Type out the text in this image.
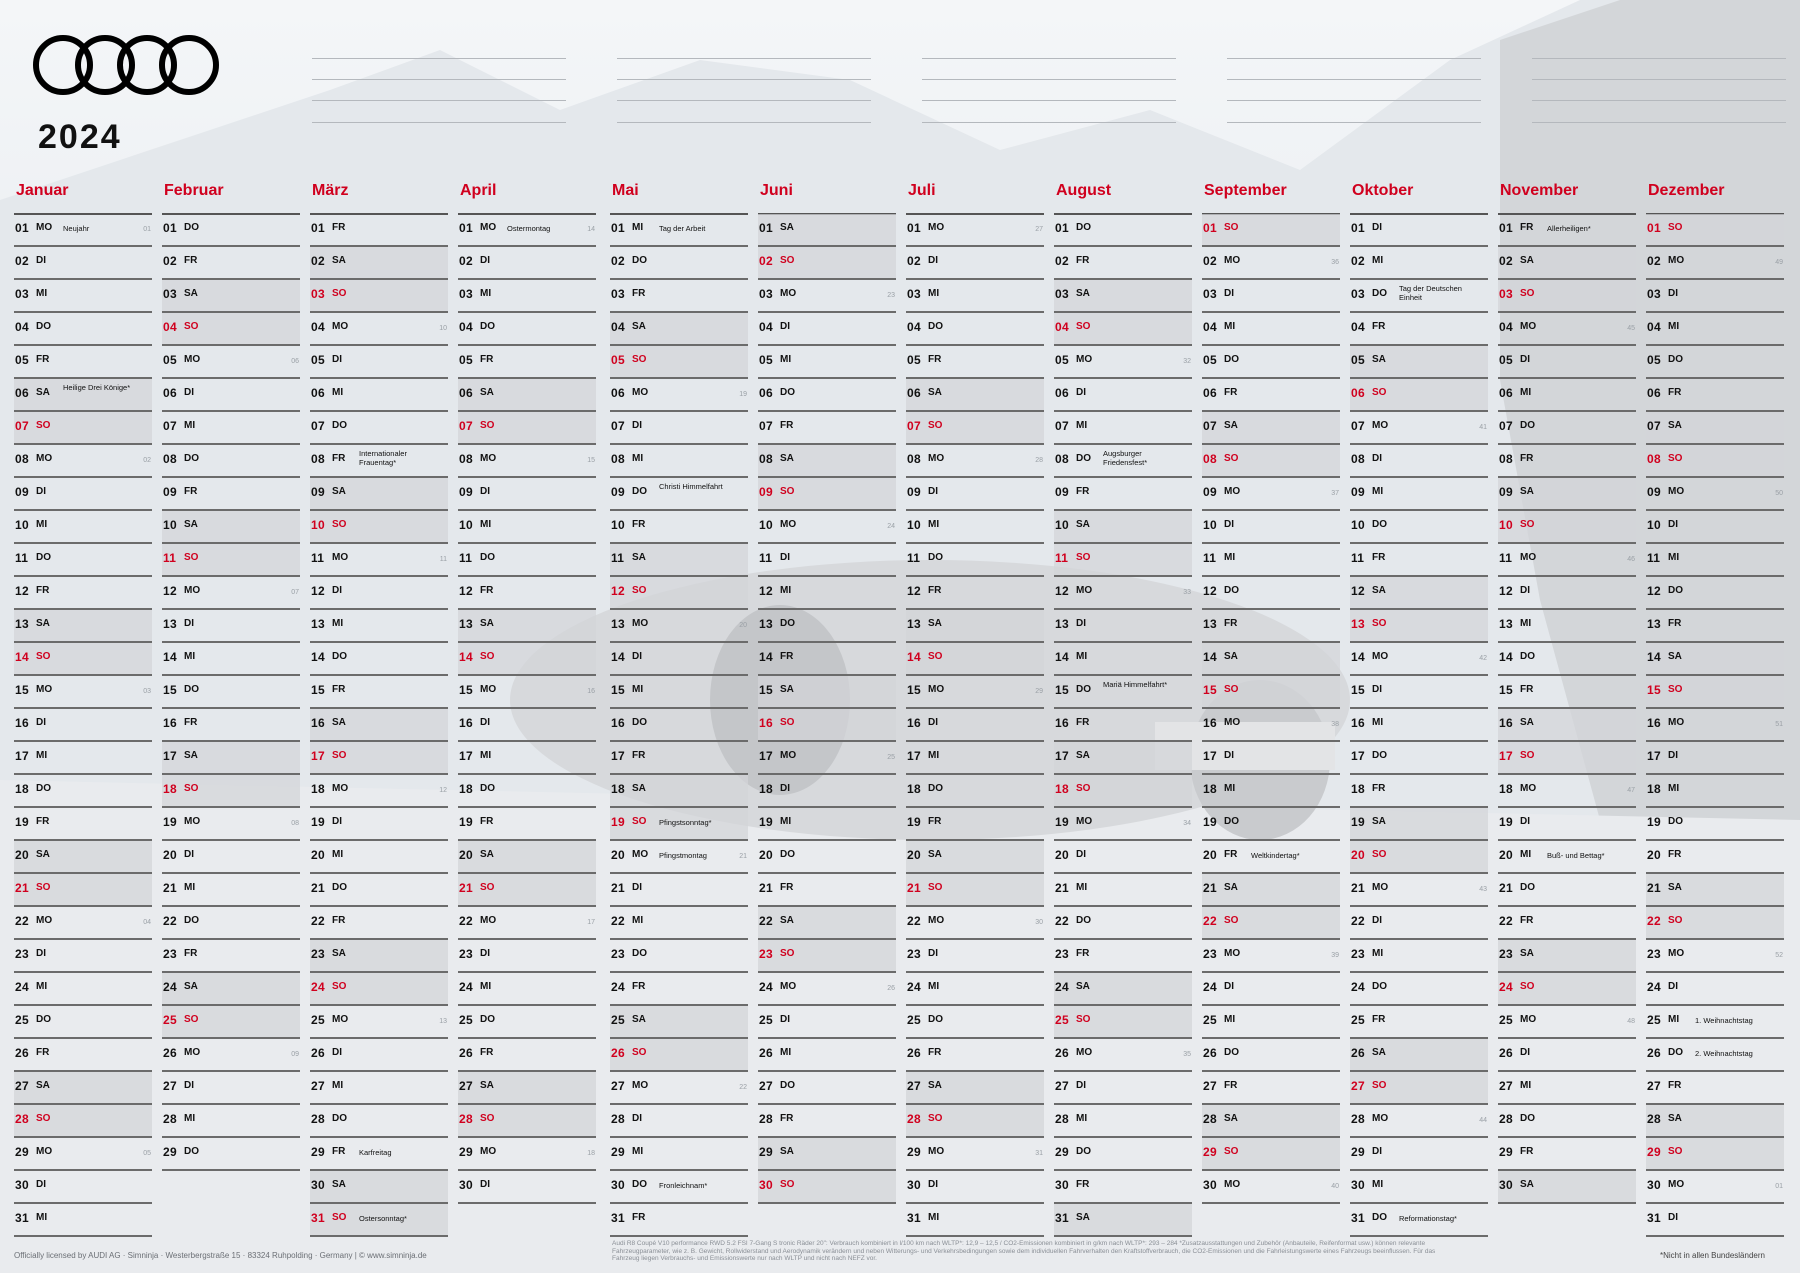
2024
Januar
01 MO Neujahr	01
02 DI
03 MI
04 DO
05 FR
06 SA Heilige Drei Könige*
07 SO
08 MO	02
09 DI
10 MI
11 DO
12 FR
13 SA
14 SO
15 MO	03
16 DI
17 MI
18 DO
19 FR
20 SA
21 SO
22 MO	04
23 DI
24 MI
25 DO
26 FR
27 SA
28 SO
29 MO	05
30 DI
31 MI
Februar
01 DO
02 FR
03 SA
04 SO
05 MO	06
06 DI
07 MI
08 DO
09 FR
10 SA
11 SO
12 MO	07
13 DI
14 MI
15 DO
16 FR
17 SA
18 SO
19 MO	08
20 DI
21 MI
22 DO
23 FR
24 SA
25 SO
26 MO	09
27 DI
28 MI
29 DO
März
01 FR
02 SA
03 SO
04 MO	10
05 DI
06 MI
07 DO
08 FR Internationaler Frauentag*
09 SA
10 SO
11 MO	11
12 DI
13 MI
14 DO
15 FR
16 SA
17 SO
18 MO	12
19 DI
20 MI
21 DO
22 FR
23 SA
24 SO
25 MO	13
26 DI
27 MI
28 DO
29 FR Karfreitag
30 SA
31 SO Ostersonntag*
April
01 MO Ostermontag	14
02 DI
03 MI
04 DO
05 FR
06 SA
07 SO
08 MO	15
09 DI
10 MI
11 DO
12 FR
13 SA
14 SO
15 MO	16
16 DI
17 MI
18 DO
19 FR
20 SA
21 SO
22 MO	17
23 DI
24 MI
25 DO
26 FR
27 SA
28 SO
29 MO	18
30 DI
Mai
01 MI Tag der Arbeit
02 DO
03 FR
04 SA
05 SO
06 MO	19
07 DI
08 MI
09 DO Christi Himmelfahrt
10 FR
11 SA
12 SO
13 MO	20
14 DI
15 MI
16 DO
17 FR
18 SA
19 SO Pfingstsonntag*
20 MO Pfingstmontag	21
21 DI
22 MI
23 DO
24 FR
25 SA
26 SO
27 MO	22
28 DI
29 MI
30 DO Fronleichnam*
31 FR
Juni
01 SA
02 SO
03 MO	23
04 DI
05 MI
06 DO
07 FR
08 SA
09 SO
10 MO	24
11 DI
12 MI
13 DO
14 FR
15 SA
16 SO
17 MO	25
18 DI
19 MI
20 DO
21 FR
22 SA
23 SO
24 MO	26
25 DI
26 MI
27 DO
28 FR
29 SA
30 SO
Juli
01 MO	27
02 DI
03 MI
04 DO
05 FR
06 SA
07 SO
08 MO	28
09 DI
10 MI
11 DO
12 FR
13 SA
14 SO
15 MO	29
16 DI
17 MI
18 DO
19 FR
20 SA
21 SO
22 MO	30
23 DI
24 MI
25 DO
26 FR
27 SA
28 SO
29 MO	31
30 DI
31 MI
August
01 DO
02 FR
03 SA
04 SO
05 MO	32
06 DI
07 MI
08 DO Augsburger Friedensfest*
09 FR
10 SA
11 SO
12 MO	33
13 DI
14 MI
15 DO Mariä Himmelfahrt*
16 FR
17 SA
18 SO
19 MO	34
20 DI
21 MI
22 DO
23 FR
24 SA
25 SO
26 MO	35
27 DI
28 MI
29 DO
30 FR
31 SA
September
01 SO
02 MO	36
03 DI
04 MI
05 DO
06 FR
07 SA
08 SO
09 MO	37
10 DI
11 MI
12 DO
13 FR
14 SA
15 SO
16 MO	38
17 DI
18 MI
19 DO
20 FR Weltkindertag*
21 SA
22 SO
23 MO	39
24 DI
25 MI
26 DO
27 FR
28 SA
29 SO
30 MO	40
Oktober
01 DI
02 MI
03 DO Tag der Deutschen Einheit
04 FR
05 SA
06 SO
07 MO	41
08 DI
09 MI
10 DO
11 FR
12 SA
13 SO
14 MO	42
15 DI
16 MI
17 DO
18 FR
19 SA
20 SO
21 MO	43
22 DI
23 MI
24 DO
25 FR
26 SA
27 SO
28 MO	44
29 DI
30 MI
31 DO Reformationstag*
November
01 FR Allerheiligen*
02 SA
03 SO
04 MO	45
05 DI
06 MI
07 DO
08 FR
09 SA
10 SO
11 MO	46
12 DI
13 MI
14 DO
15 FR
16 SA
17 SO
18 MO	47
19 DI
20 MI Buß- und Bettag*
21 DO
22 FR
23 SA
24 SO
25 MO	48
26 DI
27 MI
28 DO
29 FR
30 SA
Dezember
01 SO
02 MO	49
03 DI
04 MI
05 DO
06 FR
07 SA
08 SO
09 MO	50
10 DI
11 MI
12 DO
13 FR
14 SA
15 SO
16 MO	51
17 DI
18 MI
19 DO
20 FR
21 SA
22 SO
23 MO	52
24 DI
25 MI 1. Weihnachtstag
26 DO 2. Weihnachtstag
27 FR
28 SA
29 SO
30 MO	01
31 DI
Officially licensed by AUDI AG · Simninja · Westerbergstraße 15 · 83324 Ruhpolding · Germany | © www.simninja.de
Audi R8 Coupé V10 performance RWD 5.2 FSI 7-Gang S tronic Räder 20": Verbrauch kombiniert in l/100 km nach WLTP*: 12,9 – 12,5 / CO2-Emissionen kombiniert in g/km nach WLTP*: 293 – 284 *Zusatzausstattungen und Zubehör (Anbauteile, Reifenformat usw.) können relevante Fahrzeugparameter, wie z. B. Gewicht, Rollwiderstand und Aerodynamik verändern und neben Witterungs- und Verkehrsbedingungen sowie dem individuellen Fahrverhalten den Kraftstoffverbrauch, die CO2-Emissionen und die Fahrleistungswerte eines Fahrzeugs beeinflussen. Für das Fahrzeug liegen Verbrauchs- und Emissionswerte nur nach WLTP und nicht nach NEFZ vor.	*Nicht in allen Bundesländern
